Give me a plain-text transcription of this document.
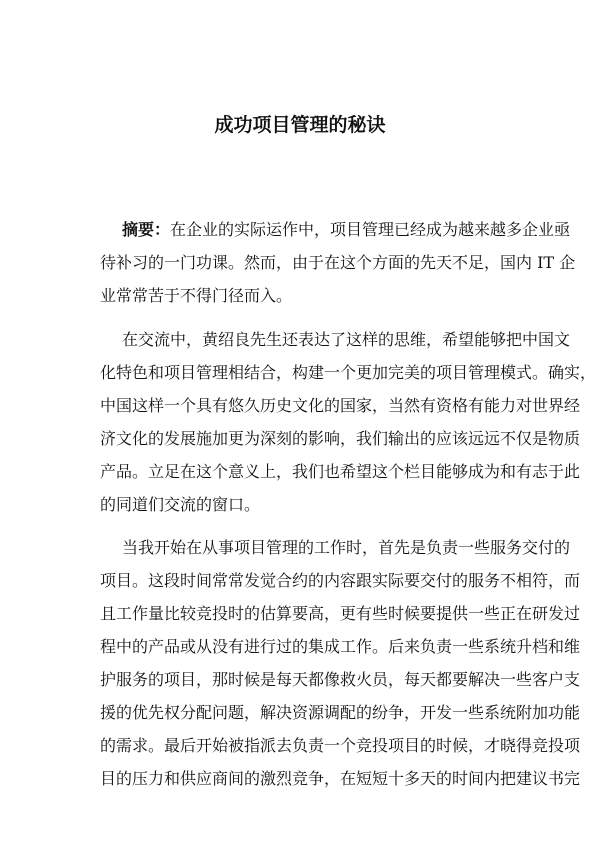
成功项目管理的秘诀
摘要：在企业的实际运作中，项目管理已经成为越来越多企业亟
待补习的一门功课。然而，由于在这个方面的先天不足，国内 IT 企
业常常苦于不得门径而入。
在交流中，黄绍良先生还表达了这样的思维，希望能够把中国文
化特色和项目管理相结合，构建一个更加完美的项目管理模式。确实，
中国这样一个具有悠久历史文化的国家，当然有资格有能力对世界经
济文化的发展施加更为深刻的影响，我们输出的应该远远不仅是物质
产品。立足在这个意义上，我们也希望这个栏目能够成为和有志于此
的同道们交流的窗口。
当我开始在从事项目管理的工作时，首先是负责一些服务交付的
项目。这段时间常常发觉合约的内容跟实际要交付的服务不相符，而
且工作量比较竞投时的估算要高，更有些时候要提供一些正在研发过
程中的产品或从没有进行过的集成工作。后来负责一些系统升档和维
护服务的项目，那时候是每天都像救火员，每天都要解决一些客户支
援的优先权分配问题，解决资源调配的纷争，开发一些系统附加功能
的需求。最后开始被指派去负责一个竞投项目的时候，才晓得竞投项
目的压力和供应商间的激烈竞争，在短短十多天的时间内把建议书完
